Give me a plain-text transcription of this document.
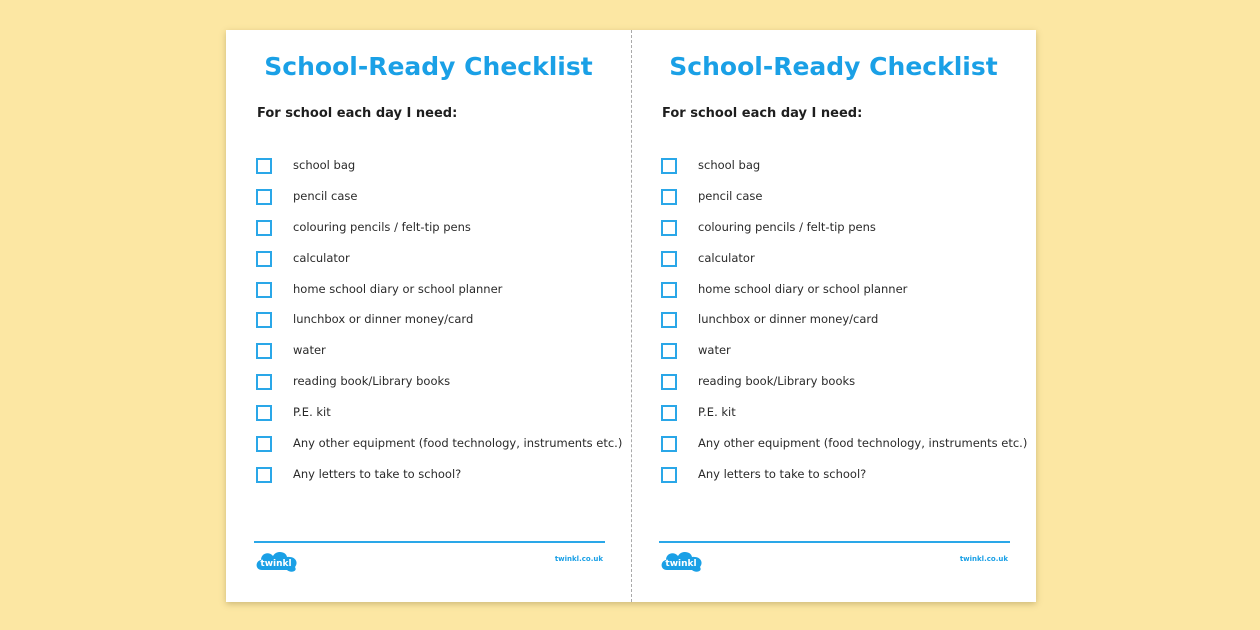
School-Ready Checklist
For school each day I need:
school bag
pencil case
colouring pencils / felt-tip pens
calculator
home school diary or school planner
lunchbox or dinner money/card
water
reading book/Library books
P.E. kit
Any other equipment (food technology, instruments etc.)
Any letters to take to school?
twinkl	twinkl.co.uk
School-Ready Checklist
For school each day I need:
school bag
pencil case
colouring pencils / felt-tip pens
calculator
home school diary or school planner
lunchbox or dinner money/card
water
reading book/Library books
P.E. kit
Any other equipment (food technology, instruments etc.)
Any letters to take to school?
twinkl	twinkl.co.uk
